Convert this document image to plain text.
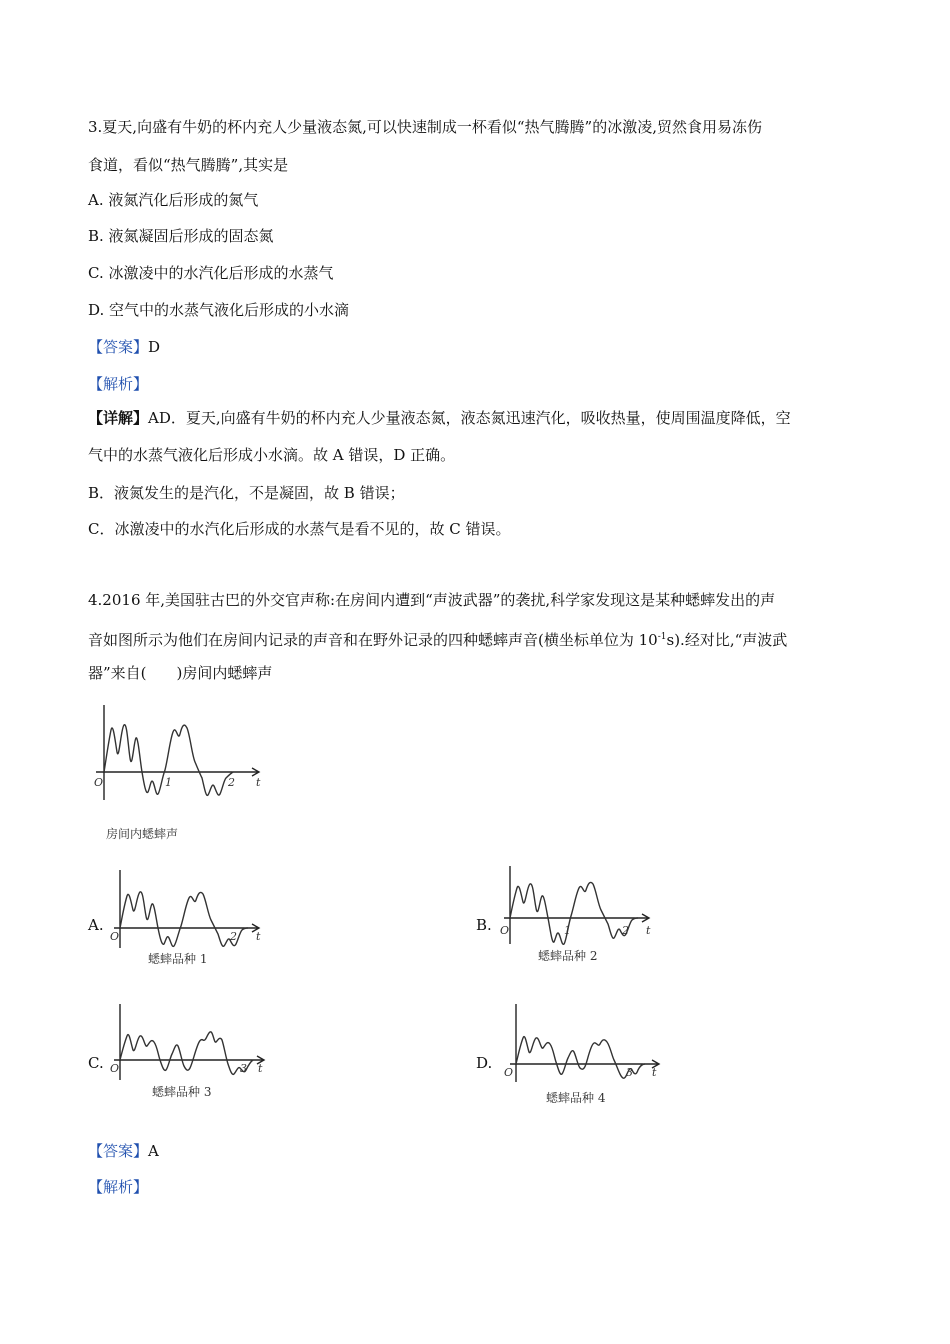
3.夏天,向盛有牛奶的杯内充人少量液态氮,可以快速制成一杯看似“热气腾腾”的冰激凌,贸然食用易冻伤
食道，看似“热气腾腾”,其实是
A. 液氮汽化后形成的氮气
B. 液氮凝固后形成的固态氮
C. 冰激凌中的水汽化后形成的水蒸气
D. 空气中的水蒸气液化后形成的小水滴
【答案】D
【解析】
【详解】AD．夏天,向盛有牛奶的杯内充人少量液态氮，液态氮迅速汽化，吸收热量，使周围温度降低，空
气中的水蒸气液化后形成小水滴。故 A 错误，D 正确。
B．液氮发生的是汽化，不是凝固，故 B 错误；
C．冰激凌中的水汽化后形成的水蒸气是看不见的，故 C 错误。
4.2016 年,美国驻古巴的外交官声称:在房间内遭到“声波武器”的袭扰,科学家发现这是某种蟋蟀发出的声
音如图所示为他们在房间内记录的声音和在野外记录的四种蟋蟀声音(横坐标单位为 $10^{-1}s$).经对比,“声波武
器”来自(　　)房间内蟋蟀声
O	1	2 t
房间内蟋蟀声
A.
O	2 t
蟋蟀品种 1
B. O	1	2 t
蟋蟀品种 2
C. O	3 t
蟋蟀品种 3
D.
O	3 t
蟋蟀品种 4
【答案】A
【解析】
